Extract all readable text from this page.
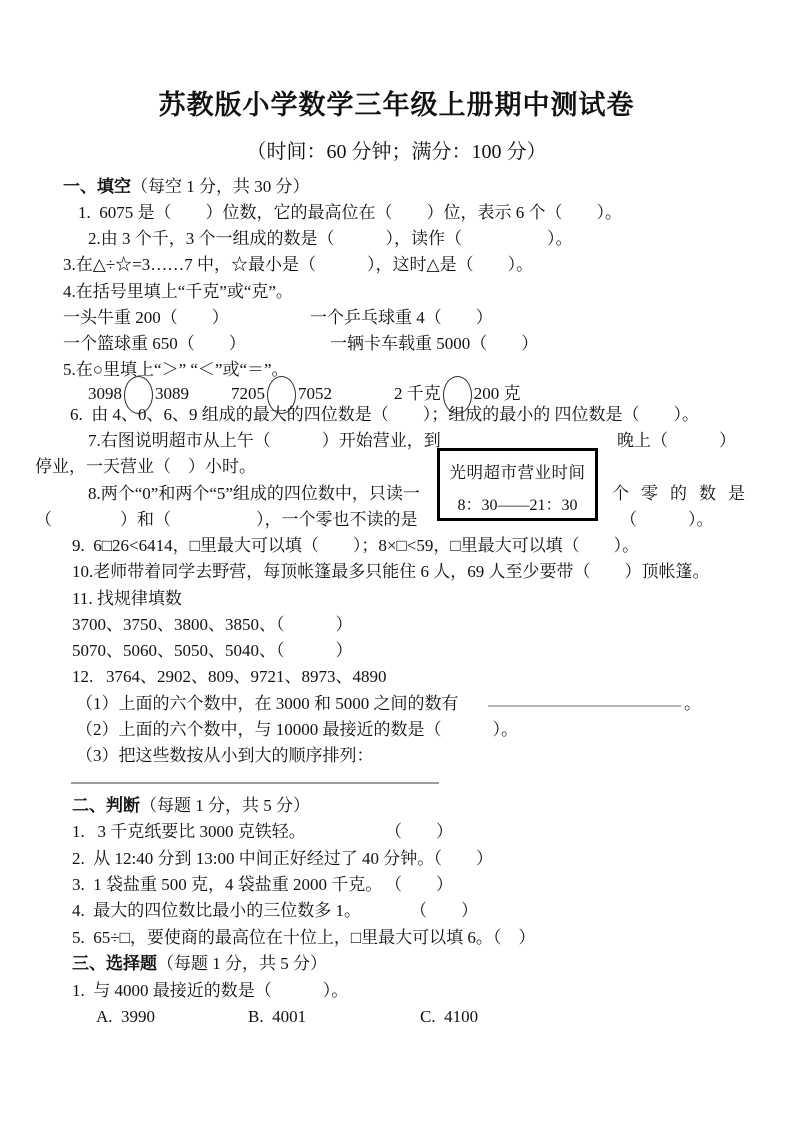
苏教版小学数学三年级上册期中测试卷
（时间：60 分钟；满分：100 分）
一、填空（每空 1 分，共 30 分）
1.  6075 是（　　）位数，它的最高位在（　　）位，表示 6 个（　　）。
2.由 3 个千，3 个一组成的数是（　　　），读作（　　　　　）。
3.在△÷☆=3……7 中，☆最小是（　　　），这时△是（　　）。
4.在括号里填上“千克”或“克”。
一头牛重 200（　　）	一个乒乓球重 4（　　）
一个篮球重 650（　　）	一辆卡车载重 5000（　　）
5.在○里填上“＞” “＜”或“＝”。
3098 3089 7205 7052	2 千克 200 克
6.  由 4、0、6、9 组成的最大的四位数是（　　）；组成的最小的 四位数是（　　）。
7.右图说明超市从上午（　　　）开始营业，到	晚上（　　　）
停业，一天营业（　）小时。	光明超市营业时间
8：30——21：30
8.两个“0”和两个“5”组成的四位数中，只读一	个零的数是
（　　　　）和（　　　　　），一个零也不读的是	（　　　）。
9.  6□26<6414，□里最大可以填（　　）；8×□<59，□里最大可以填（　　）。
10.老师带着同学去野营，每顶帐篷最多只能住 6 人，69 人至少要带（　　）顶帐篷。
11. 找规律填数
3700、3750、3800、3850、（　　　）
5070、5060、5050、5040、（　　　）
12.   3764、2902、809、9721、8973、4890
（1）上面的六个数中，在 3000 和 5000 之间的数有	。
（2）上面的六个数中，与 10000 最接近的数是（　　　）。
（3）把这些数按从小到大的顺序排列：
二、判断（每题 1 分，共 5 分）
1.   3 千克纸要比 3000 克铁轻。	（　　）
2.  从 12:40 分到 13:00 中间正好经过了 40 分钟。
（　　）
3.  1 袋盐重 500 克，4 袋盐重 2000 千克。 （　　）
4.  最大的四位数比最小的三位数多 1。	（　　）
5.  65÷□，要使商的最高位在十位上，□里最大可以填 6。（　）
三、选择题（每题 1 分，共 5 分）
1.  与 4000 最接近的数是（　　　）。
A.  3990	B.  4001	C.  4100
